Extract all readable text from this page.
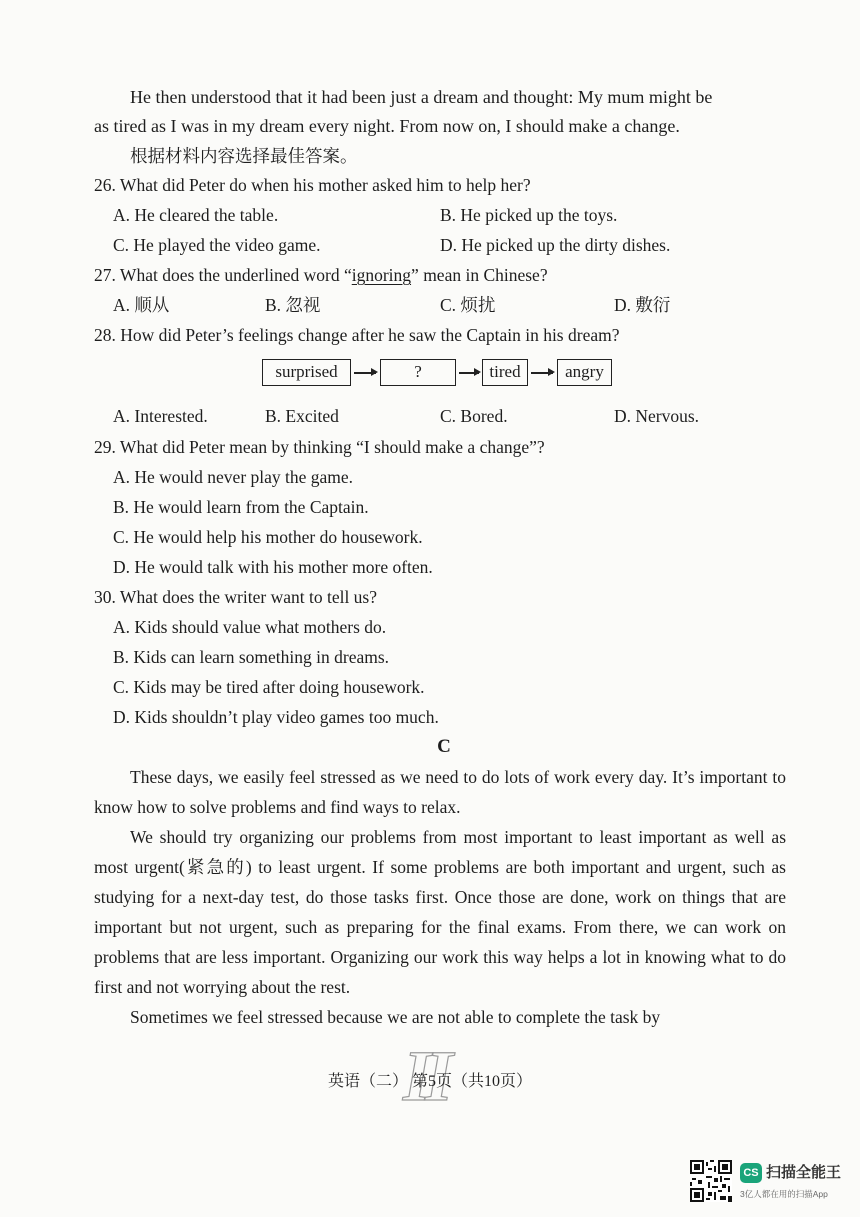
He then understood that it had been just a dream and thought: My mum might be
as tired as I was in my dream every night. From now on, I should make a change.
根据材料内容选择最佳答案。
26. What did Peter do when his mother asked him to help her?
A. He cleared the table.	B. He picked up the toys.
C. He played the video game.	D. He picked up the dirty dishes.
27. What does the underlined word “ignoring” mean in Chinese?
A. 顺从	B. 忽视	C. 烦扰	D. 敷衍
28. How did Peter’s feelings change after he saw the Captain in his dream?
surprised	?	tired	angry
A. Interested.	B. Excited	C. Bored.	D. Nervous.
29. What did Peter mean by thinking “I should make a change”?
A. He would never play the game.
B. He would learn from the Captain.
C. He would help his mother do housework.
D. He would talk with his mother more often.
30. What does the writer want to tell us?
A. Kids should value what mothers do.
B. Kids can learn something in dreams.
C. Kids may be tired after doing housework.
D. Kids shouldn’t play video games too much.
C
These days, we easily feel stressed as we need to do lots of work every day. It’s important to know how to solve problems and find ways to relax.
We should try organizing our problems from most important to least important as well as most urgent(紧急的) to least urgent. If some problems are both important and urgent, such as studying for a next-day test, do those tasks first. Once those are done, work on things that are important but not urgent, such as preparing for the final exams. From there, we can work on problems that are less important. Organizing our work this way helps a lot in knowing what to do first and not worrying about the rest.
Sometimes we feel stressed because we are not able to complete the task by
II
英语（二） 第5页（共10页）
CS 扫描全能王
3亿人都在用的扫描App
